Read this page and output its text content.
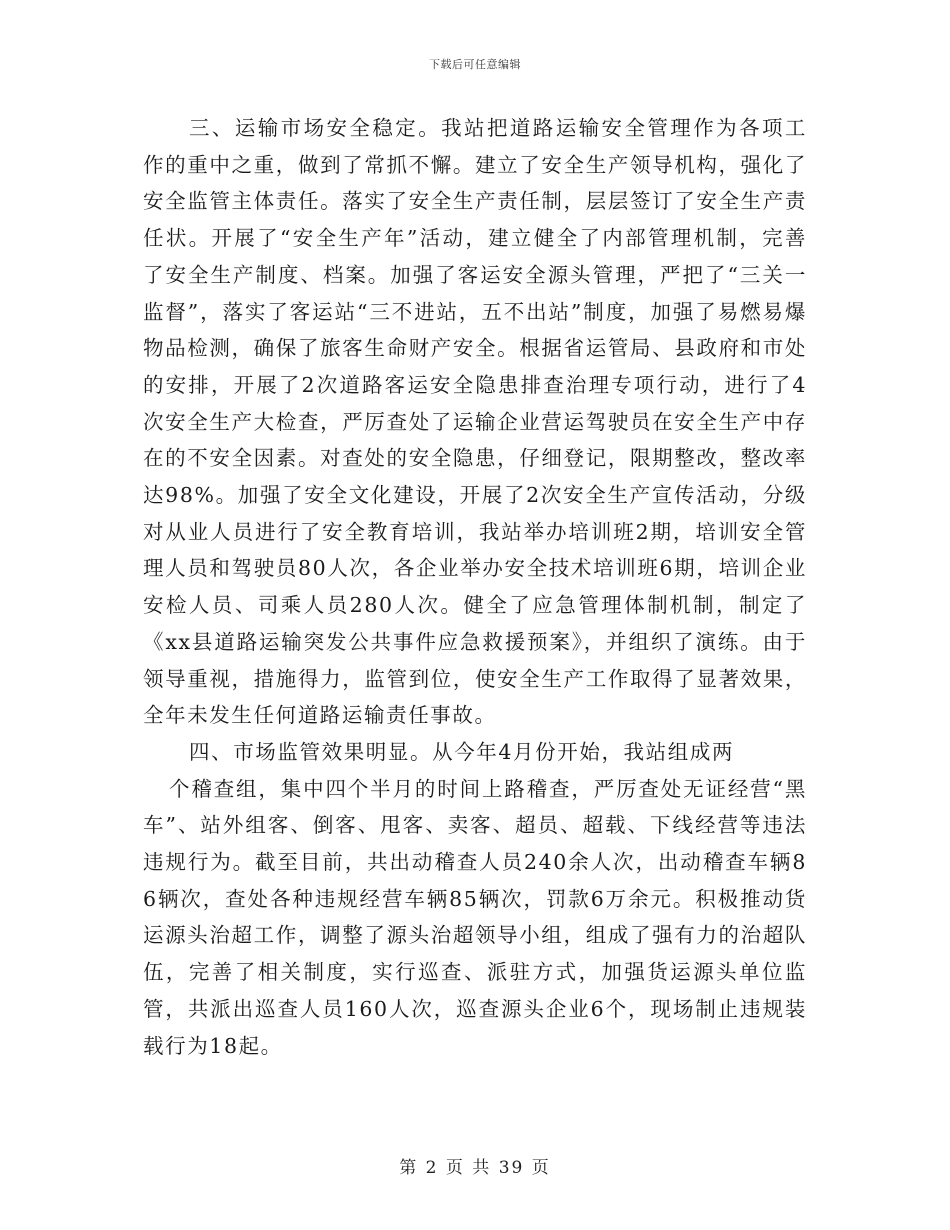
下载后可任意编辑

三、运输市场安全稳定。我站把道路运输安全管理作为各项工作的重中之重，做到了常抓不懈。建立了安全生产领导机构，强化了安全监管主体责任。落实了安全生产责任制，层层签订了安全生产责任状。开展了“安全生产年”活动，建立健全了内部管理机制，完善了安全生产制度、档案。加强了客运安全源头管理，严把了“三关一监督”，落实了客运站“三不进站，五不出站”制度，加强了易燃易爆物品检测，确保了旅客生命财产安全。根据省运管局、县政府和市处的安排，开展了2次道路客运安全隐患排查治理专项行动，进行了4次安全生产大检查，严厉查处了运输企业营运驾驶员在安全生产中存在的不安全因素。对查处的安全隐患，仔细登记，限期整改，整改率达98%。加强了安全文化建设，开展了2次安全生产宣传活动，分级对从业人员进行了安全教育培训，我站举办培训班2期，培训安全管理人员和驾驶员80人次，各企业举办安全技术培训班6期，培训企业安检人员、司乘人员280人次。健全了应急管理体制机制，制定了《xx县道路运输突发公共事件应急救援预案》，并组织了演练。由于领导重视，措施得力，监管到位，使安全生产工作取得了显著效果，全年未发生任何道路运输责任事故。

四、市场监管效果明显。从今年4月份开始，我站组成两

个稽查组，集中四个半月的时间上路稽查，严厉查处无证经营“黑车”、站外组客、倒客、甩客、卖客、超员、超载、下线经营等违法违规行为。截至目前，共出动稽查人员240余人次，出动稽查车辆86辆次，查处各种违规经营车辆85辆次，罚款6万余元。积极推动货运源头治超工作，调整了源头治超领导小组，组成了强有力的治超队伍，完善了相关制度，实行巡查、派驻方式，加强货运源头单位监管，共派出巡查人员160人次，巡查源头企业6个，现场制止违规装载行为18起。

第 2 页 共 39 页
